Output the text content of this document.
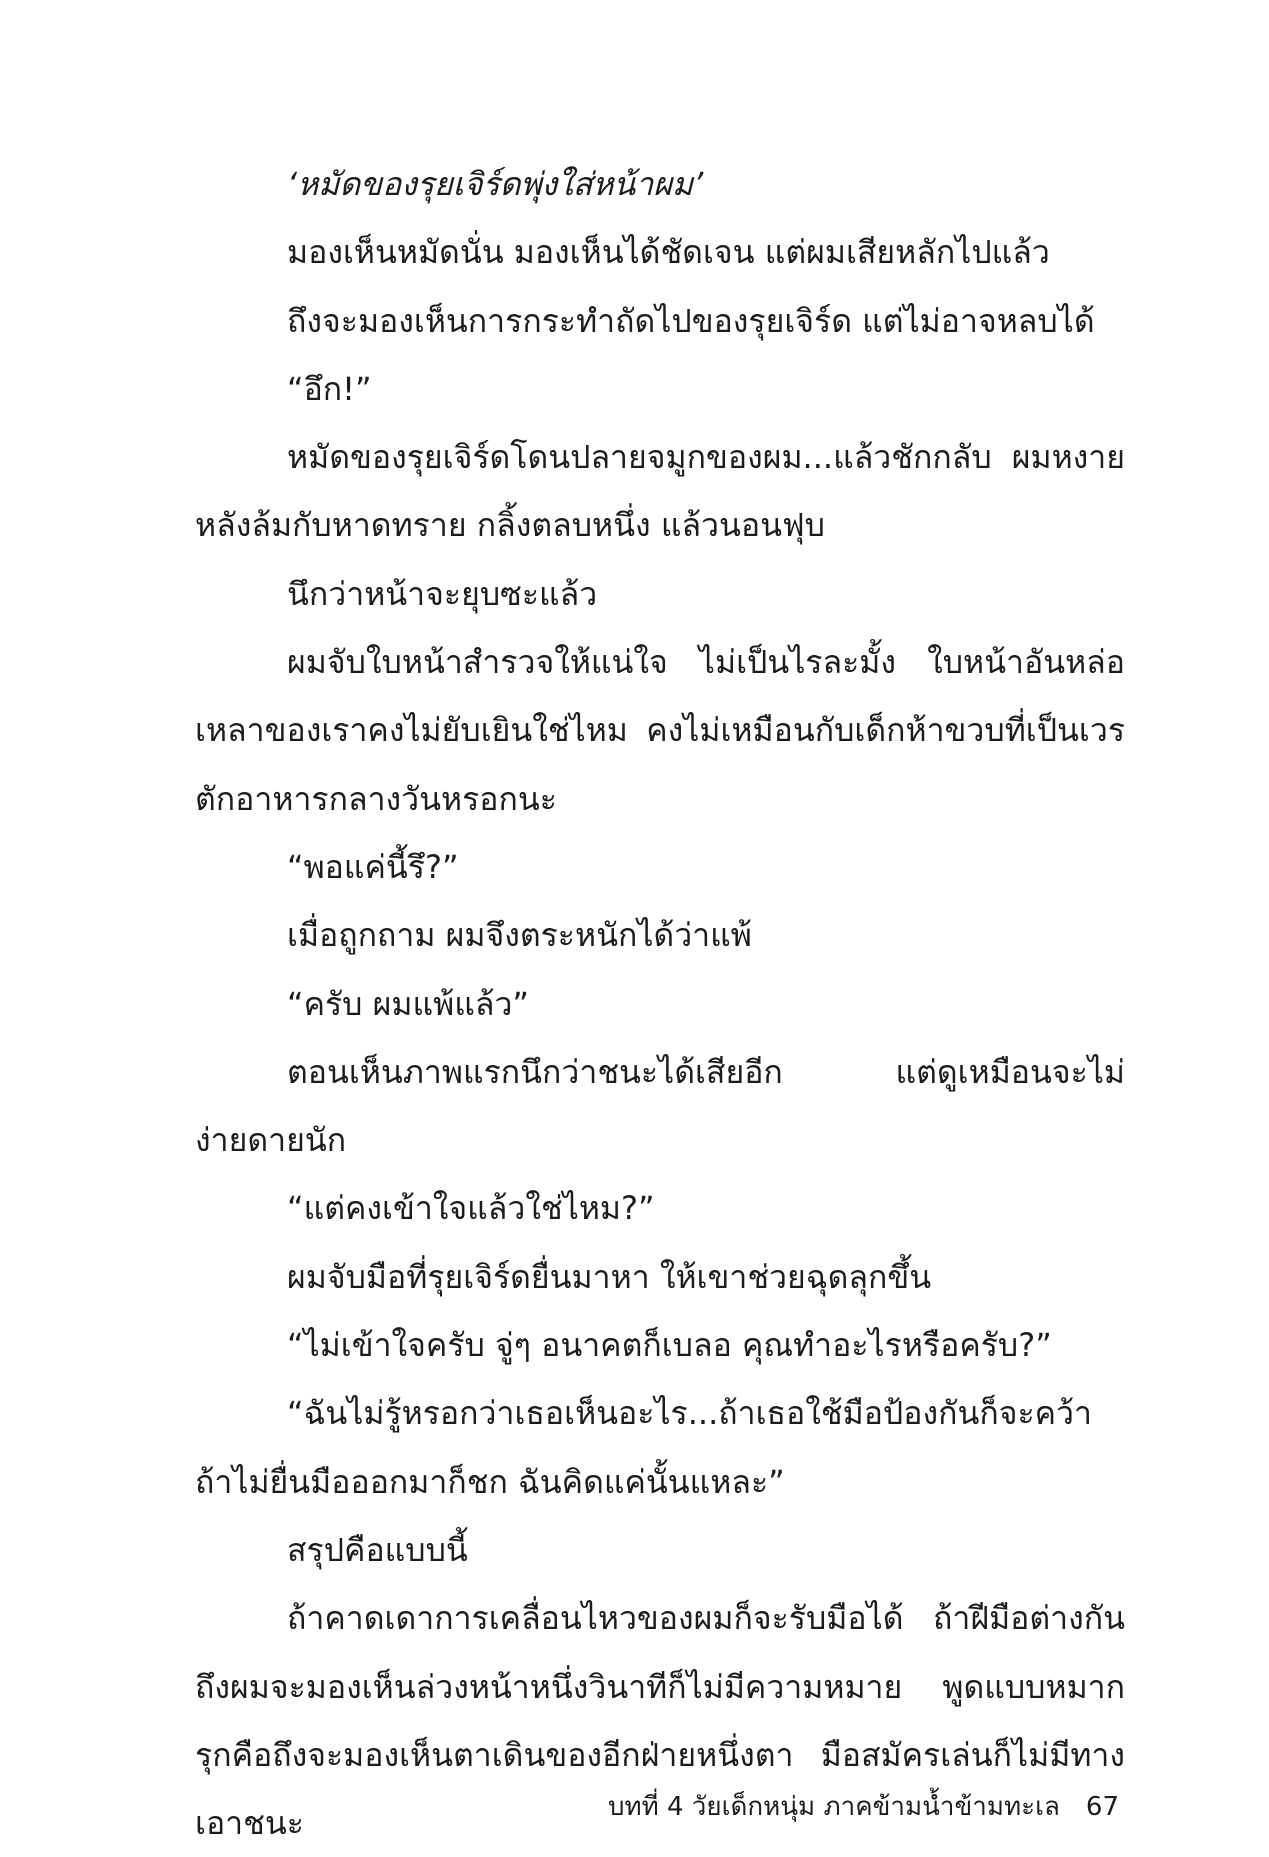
‘หมัดของรุยเจิร์ดพุ่งใส่หน้าผม’

มองเห็นหมัดนั่น มองเห็นได้ชัดเจน แต่ผมเสียหลักไปแล้ว

ถึงจะมองเห็นการกระทำถัดไปของรุยเจิร์ด แต่ไม่อาจหลบได้

“อึก!”

หมัดของรุยเจิร์ดโดนปลายจมูกของผม...แล้วชักกลับ ผมหงายหลังล้มกับหาดทราย กลิ้งตลบหนึ่ง แล้วนอนฟุบ

นึกว่าหน้าจะยุบซะแล้ว

ผมจับใบหน้าสำรวจให้แน่ใจ ไม่เป็นไรละมั้ง ใบหน้าอันหล่อเหลาของเราคงไม่ยับเยินใช่ไหม คงไม่เหมือนกับเด็กห้าขวบที่เป็นเวรตักอาหารกลางวันหรอกนะ

“พอแค่นี้รึ?”

เมื่อถูกถาม ผมจึงตระหนักได้ว่าแพ้

“ครับ ผมแพ้แล้ว”

ตอนเห็นภาพแรกนึกว่าชนะได้เสียอีก แต่ดูเหมือนจะไม่ง่ายดายนัก

“แต่คงเข้าใจแล้วใช่ไหม?”

ผมจับมือที่รุยเจิร์ดยื่นมาหา ให้เขาช่วยฉุดลุกขึ้น

“ไม่เข้าใจครับ จู่ๆ อนาคตก็เบลอ คุณทำอะไรหรือครับ?”

“ฉันไม่รู้หรอกว่าเธอเห็นอะไร...ถ้าเธอใช้มือป้องกันก็จะคว้า ถ้าไม่ยื่นมือออกมาก็ชก ฉันคิดแค่นั้นแหละ”

สรุปคือแบบนี้

ถ้าคาดเดาการเคลื่อนไหวของผมก็จะรับมือได้ ถ้าฝีมือต่างกัน ถึงผมจะมองเห็นล่วงหน้าหนึ่งวินาทีก็ไม่มีความหมาย พูดแบบหมากรุกคือถึงจะมองเห็นตาเดินของอีกฝ่ายหนึ่งตา มือสมัครเล่นก็ไม่มีทางเอาชนะ	บทที่ 4 วัยเด็กหนุ่ม ภาคข้ามน้ำข้ามทะเล 67
